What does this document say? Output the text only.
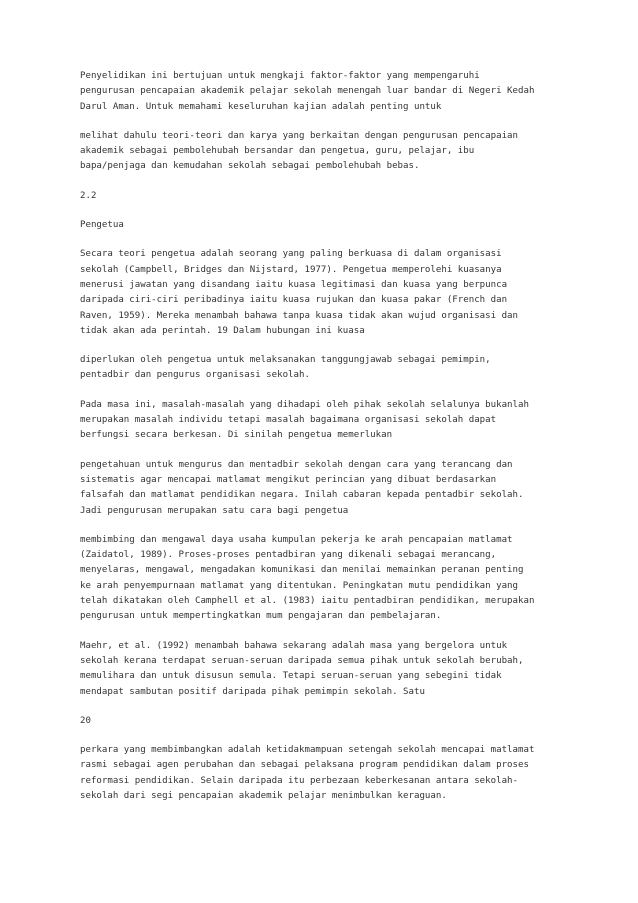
Penyelidikan ini bertujuan untuk mengkaji faktor-faktor yang mempengaruhi
pengurusan pencapaian akademik pelajar sekolah menengah luar bandar di Negeri Kedah
Darul Aman. Untuk memahami keseluruhan kajian adalah penting untuk
melihat dahulu teori-teori dan karya yang berkaitan dengan pengurusan pencapaian
akademik sebagai pembolehubah bersandar dan pengetua, guru, pelajar, ibu
bapa/penjaga dan kemudahan sekolah sebagai pembolehubah bebas.
2.2
Pengetua
Secara teori pengetua adalah seorang yang paling berkuasa di dalam organisasi
sekolah (Campbell, Bridges dan Nijstard, 1977). Pengetua memperolehi kuasanya
menerusi jawatan yang disandang iaitu kuasa legitimasi dan kuasa yang berpunca
daripada ciri-ciri peribadinya iaitu kuasa rujukan dan kuasa pakar (French dan
Raven, 1959). Mereka menambah bahawa tanpa kuasa tidak akan wujud organisasi dan
tidak akan ada perintah. 19 Dalam hubungan ini kuasa
diperlukan oleh pengetua untuk melaksanakan tanggungjawab sebagai pemimpin,
pentadbir dan pengurus organisasi sekolah.
Pada masa ini, masalah-masalah yang dihadapi oleh pihak sekolah selalunya bukanlah
merupakan masalah individu tetapi masalah bagaimana organisasi sekolah dapat
berfungsi secara berkesan. Di sinilah pengetua memerlukan
pengetahuan untuk mengurus dan mentadbir sekolah dengan cara yang terancang dan
sistematis agar mencapai matlamat mengikut perincian yang dibuat berdasarkan
falsafah dan matlamat pendidikan negara. Inilah cabaran kepada pentadbir sekolah.
Jadi pengurusan merupakan satu cara bagi pengetua
membimbing dan mengawal daya usaha kumpulan pekerja ke arah pencapaian matlamat
(Zaidatol, 1989). Proses-proses pentadbiran yang dikenali sebagai merancang,
menyelaras, mengawal, mengadakan komunikasi dan menilai memainkan peranan penting
ke arah penyempurnaan matlamat yang ditentukan. Peningkatan mutu pendidikan yang
telah dikatakan oleh Camphell et al. (1983) iaitu pentadbiran pendidikan, merupakan
pengurusan untuk mempertingkatkan mum pengajaran dan pembelajaran.
Maehr, et al. (1992) menambah bahawa sekarang adalah masa yang bergelora untuk
sekolah kerana terdapat seruan-seruan daripada semua pihak untuk sekolah berubah,
memulihara dan untuk disusun semula. Tetapi seruan-seruan yang sebegini tidak
mendapat sambutan positif daripada pihak pemimpin sekolah. Satu
20
perkara yang membimbangkan adalah ketidakmampuan setengah sekolah mencapai matlamat
rasmi sebagai agen perubahan dan sebagai pelaksana program pendidikan dalam proses
reformasi pendidikan. Selain daripada itu perbezaan keberkesanan antara sekolah-
sekolah dari segi pencapaian akademik pelajar menimbulkan keraguan.
